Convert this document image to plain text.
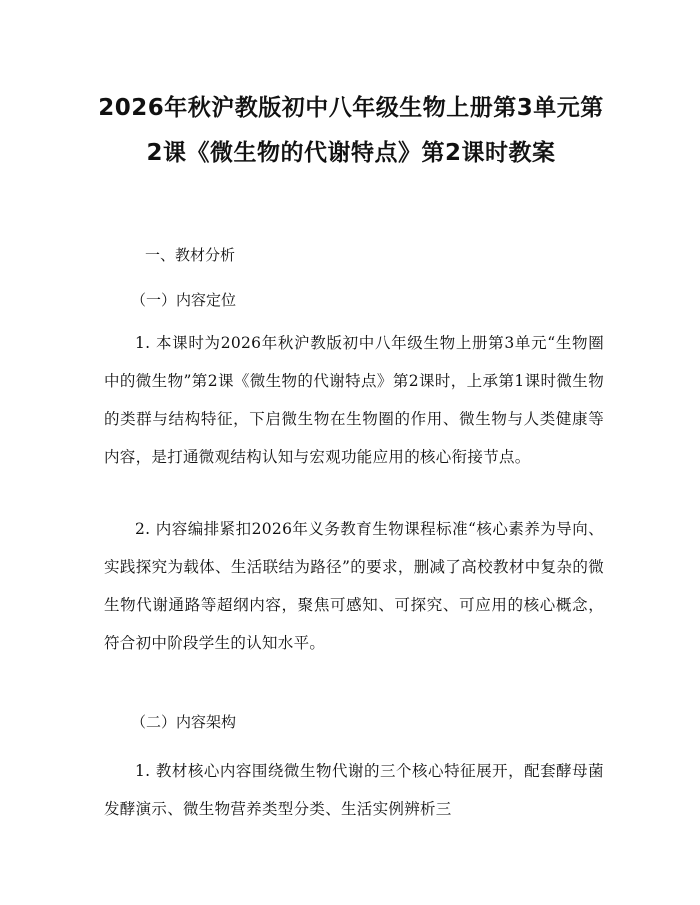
2026年秋沪教版初中八年级生物上册第3单元第2课《微生物的代谢特点》第2课时教案

一、教材分析

（一）内容定位

1. 本课时为2026年秋沪教版初中八年级生物上册第3单元“生物圈中的微生物”第2课《微生物的代谢特点》第2课时，上承第1课时微生物的类群与结构特征，下启微生物在生物圈的作用、微生物与人类健康等内容，是打通微观结构认知与宏观功能应用的核心衔接节点。

2. 内容编排紧扣2026年义务教育生物课程标准“核心素养为导向、实践探究为载体、生活联结为路径”的要求，删减了高校教材中复杂的微生物代谢通路等超纲内容，聚焦可感知、可探究、可应用的核心概念，符合初中阶段学生的认知水平。

（二）内容架构

1. 教材核心内容围绕微生物代谢的三个核心特征展开，配套酵母菌发酵演示、微生物营养类型分类、生活实例辨析三
